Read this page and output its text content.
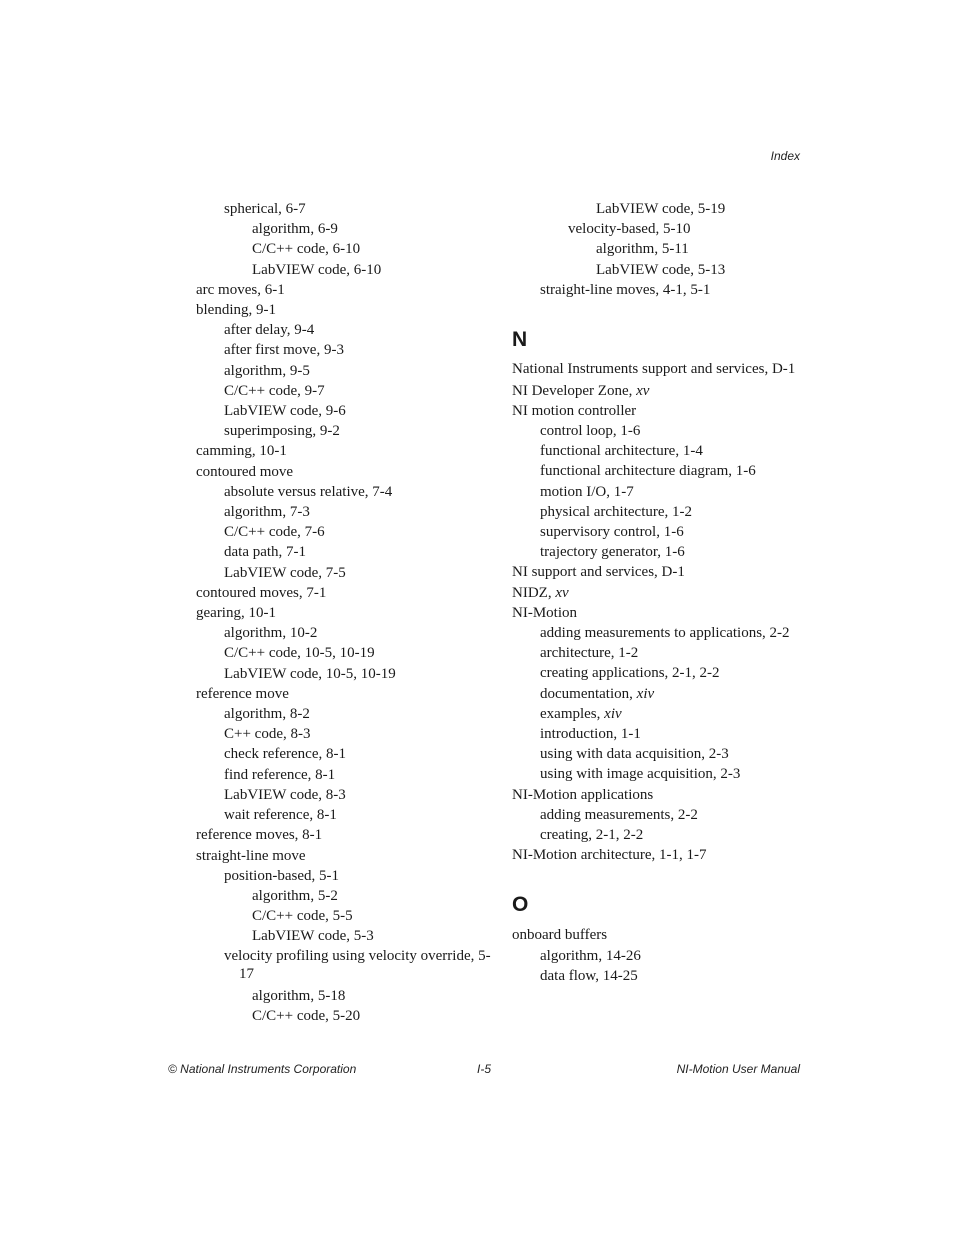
Index
spherical, 6-7
algorithm, 6-9
C/C++ code, 6-10
LabVIEW code, 6-10
arc moves, 6-1
blending, 9-1
after delay, 9-4
after first move, 9-3
algorithm, 9-5
C/C++ code, 9-7
LabVIEW code, 9-6
superimposing, 9-2
camming, 10-1
contoured move
absolute versus relative, 7-4
algorithm, 7-3
C/C++ code, 7-6
data path, 7-1
LabVIEW code, 7-5
contoured moves, 7-1
gearing, 10-1
algorithm, 10-2
C/C++ code, 10-5, 10-19
LabVIEW code, 10-5, 10-19
reference move
algorithm, 8-2
C++ code, 8-3
check reference, 8-1
find reference, 8-1
LabVIEW code, 8-3
wait reference, 8-1
reference moves, 8-1
straight-line move
position-based, 5-1
algorithm, 5-2
C/C++ code, 5-5
LabVIEW code, 5-3
velocity profiling using velocity override, 5-17
algorithm, 5-18
C/C++ code, 5-20
LabVIEW code, 5-19
velocity-based, 5-10
algorithm, 5-11
LabVIEW code, 5-13
straight-line moves, 4-1, 5-1
N
National Instruments support and services, D-1
NI Developer Zone, xv
NI motion controller
control loop, 1-6
functional architecture, 1-4
functional architecture diagram, 1-6
motion I/O, 1-7
physical architecture, 1-2
supervisory control, 1-6
trajectory generator, 1-6
NI support and services, D-1
NIDZ, xv
NI-Motion
adding measurements to applications, 2-2
architecture, 1-2
creating applications, 2-1, 2-2
documentation, xiv
examples, xiv
introduction, 1-1
using with data acquisition, 2-3
using with image acquisition, 2-3
NI-Motion applications
adding measurements, 2-2
creating, 2-1, 2-2
NI-Motion architecture, 1-1, 1-7
O
onboard buffers
algorithm, 14-26
data flow, 14-25
© National Instruments Corporation	I-5	NI-Motion User Manual
